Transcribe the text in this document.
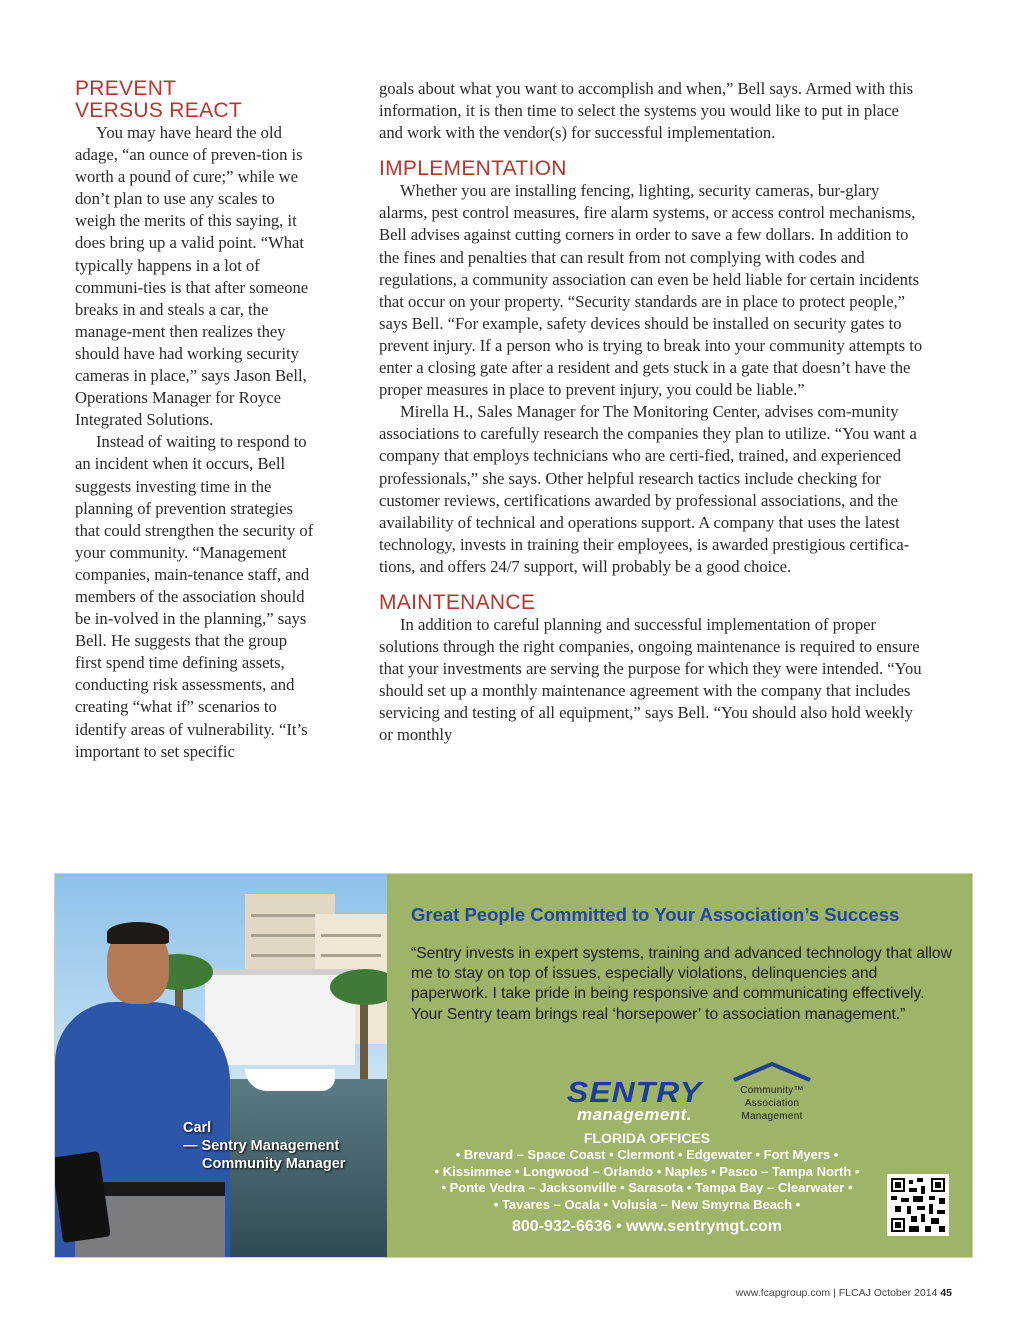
PREVENT
VERSUS REACT

You may have heard the old adage, “an ounce of preven-tion is worth a pound of cure;” while we don’t plan to use any scales to weigh the merits of this saying, it does bring up a valid point. “What typically happens in a lot of communi-ties is that after someone breaks in and steals a car, the manage-ment then realizes they should have had working security cameras in place,” says Jason Bell, Operations Manager for Royce Integrated Solutions.

Instead of waiting to respond to an incident when it occurs, Bell suggests investing time in the planning of prevention strategies that could strengthen the security of your community. “Management companies, main-tenance staff, and members of the association should be in-volved in the planning,” says Bell. He suggests that the group first spend time defining assets, conducting risk assessments, and creating “what if” scenarios to identify areas of vulnerability. “It’s important to set specific

goals about what you want to accomplish and when,” Bell says. Armed with this information, it is then time to select the systems you would like to put in place and work with the vendor(s) for successful implementation.

IMPLEMENTATION

Whether you are installing fencing, lighting, security cameras, bur-glary alarms, pest control measures, fire alarm systems, or access control mechanisms, Bell advises against cutting corners in order to save a few dollars. In addition to the fines and penalties that can result from not complying with codes and regulations, a community association can even be held liable for certain incidents that occur on your property. “Security standards are in place to protect people,” says Bell. “For example, safety devices should be installed on security gates to prevent injury. If a person who is trying to break into your community attempts to enter a closing gate after a resident and gets stuck in a gate that doesn’t have the proper measures in place to prevent injury, you could be liable.”

Mirella H., Sales Manager for The Monitoring Center, advises com-munity associations to carefully research the companies they plan to utilize. “You want a company that employs technicians who are certi-fied, trained, and experienced professionals,” she says. Other helpful research tactics include checking for customer reviews, certifications awarded by professional associations, and the availability of technical and operations support. A company that uses the latest technology, invests in training their employees, is awarded prestigious certifica-tions, and offers 24/7 support, will probably be a good choice.

MAINTENANCE

In addition to careful planning and successful implementation of proper solutions through the right companies, ongoing maintenance is required to ensure that your investments are serving the purpose for which they were intended. “You should set up a monthly maintenance agreement with the company that includes servicing and testing of all equipment,” says Bell. “You should also hold weekly or monthly

Carl
— Sentry Management
Community Manager
Great People Committed to Your Association’s Success
“Sentry invests in expert systems, training and advanced technology that allow me to stay on top of issues, especially violations, delinquencies and paperwork. I take pride in being responsive and communicating effectively. Your Sentry team brings real ‘horsepower’ to association management.”
SENTRY
management.
Community™
Association
Management
FLORIDA OFFICES
• Brevard – Space Coast • Clermont • Edgewater • Fort Myers •
• Kissimmee • Longwood – Orlando • Naples • Pasco – Tampa North •
• Ponte Vedra – Jacksonville • Sarasota • Tampa Bay – Clearwater •
• Tavares – Ocala • Volusia – New Smyrna Beach •
800-932-6636 • www.sentrymgt.com
www.fcapgroup.com | FLCAJ October 2014 45
